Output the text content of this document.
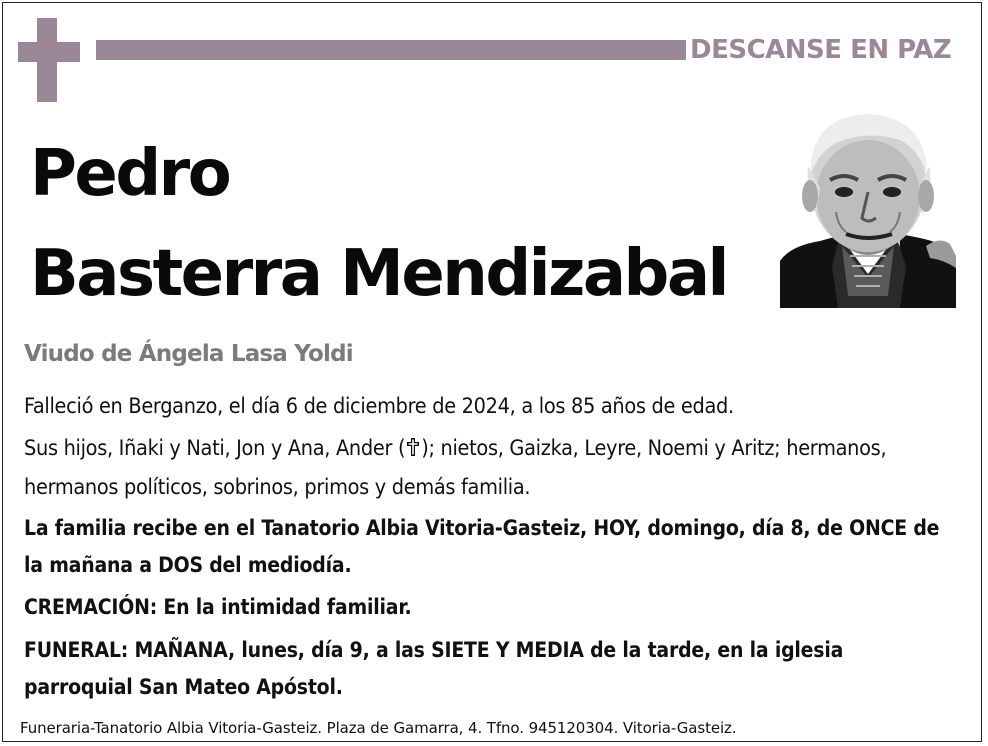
DESCANSE EN PAZ
Pedro
Basterra Mendizabal
Viudo de Ángela Lasa Yoldi

Falleció en Berganzo, el día 6 de diciembre de 2024, a los 85 años de edad.

Sus hijos, Iñaki y Nati, Jon y Ana, Ander ( ); nietos, Gaizka, Leyre, Noemi y Aritz; hermanos, hermanos políticos, sobrinos, primos y demás familia.

La familia recibe en el Tanatorio Albia Vitoria-Gasteiz, HOY, domingo, día 8, de ONCE de la mañana a DOS del mediodía.

CREMACIÓN: En la intimidad familiar.

FUNERAL: MAÑANA, lunes, día 9, a las SIETE Y MEDIA de la tarde, en la iglesia parroquial San Mateo Apóstol.

Funeraria-Tanatorio Albia Vitoria-Gasteiz. Plaza de Gamarra, 4. Tfno. 945120304. Vitoria-Gasteiz.
